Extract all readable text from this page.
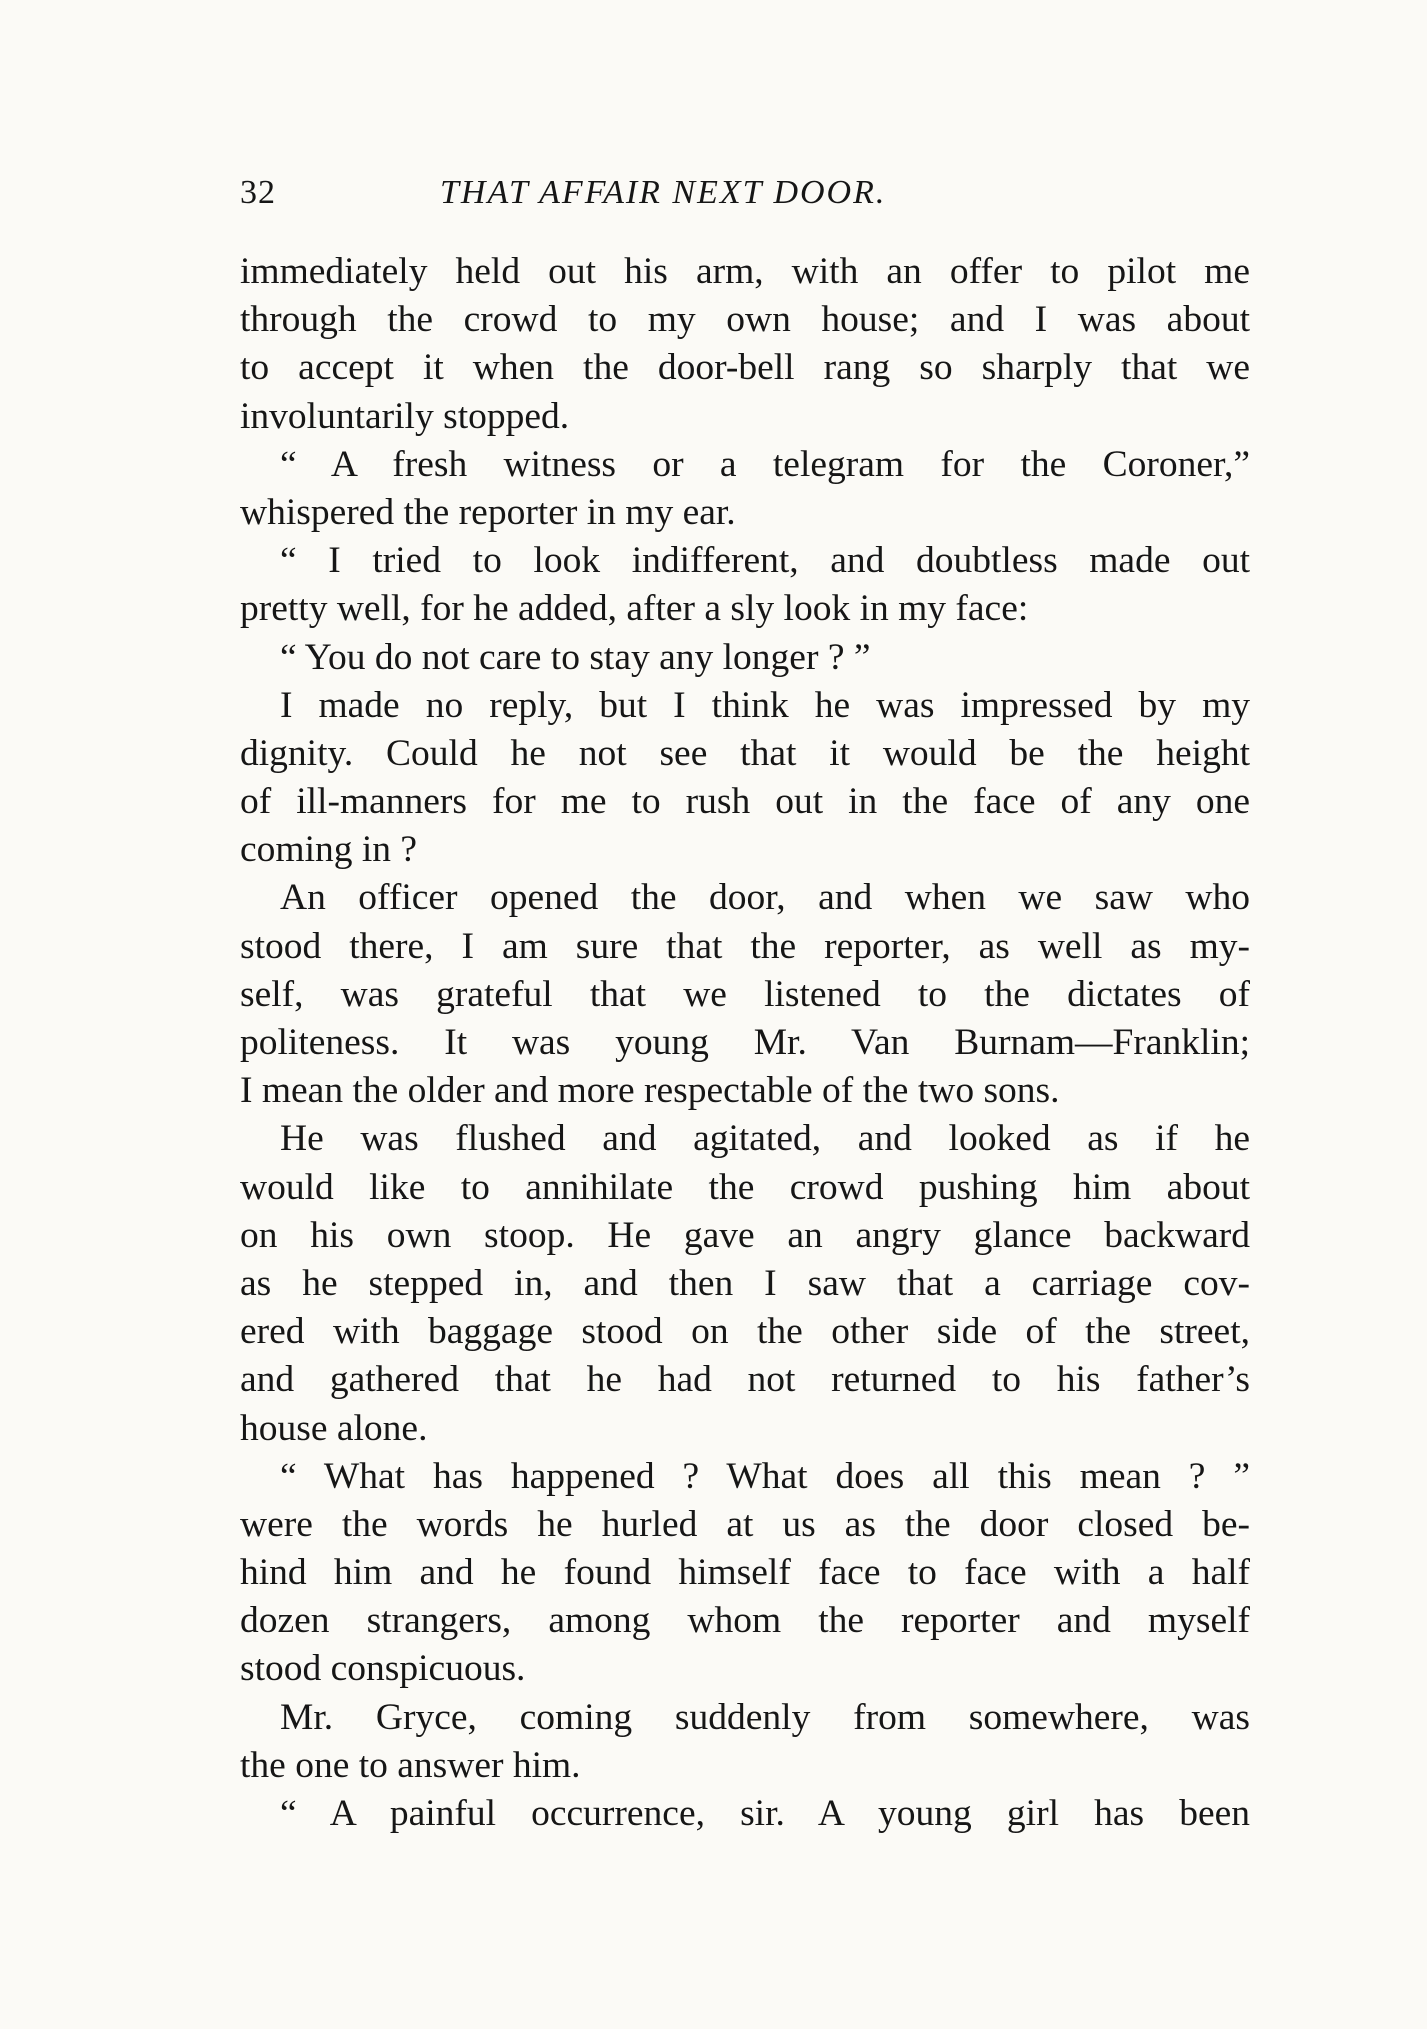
32	THAT AFFAIR NEXT DOOR.
immediately held out his arm, with an offer to pilot me
through the crowd to my own house; and I was about
to accept it when the door-bell rang so sharply that we
involuntarily stopped.
“ A fresh witness or a telegram for the Coroner,”
whispered the reporter in my ear.
“ I tried to look indifferent, and doubtless made out
pretty well, for he added, after a sly look in my face:
“ You do not care to stay any longer ? ”
I made no reply, but I think he was impressed by my
dignity. Could he not see that it would be the height
of ill-manners for me to rush out in the face of any one
coming in ?
An officer opened the door, and when we saw who
stood there, I am sure that the reporter, as well as my-
self, was grateful that we listened to the dictates of
politeness. It was young Mr. Van Burnam—Franklin;
I mean the older and more respectable of the two sons.
He was flushed and agitated, and looked as if he
would like to annihilate the crowd pushing him about
on his own stoop. He gave an angry glance backward
as he stepped in, and then I saw that a carriage cov-
ered with baggage stood on the other side of the street,
and gathered that he had not returned to his father’s
house alone.
“ What has happened ? What does all this mean ? ”
were the words he hurled at us as the door closed be-
hind him and he found himself face to face with a half
dozen strangers, among whom the reporter and myself
stood conspicuous.
Mr. Gryce, coming suddenly from somewhere, was
the one to answer him.
“ A painful occurrence, sir. A young girl has been
